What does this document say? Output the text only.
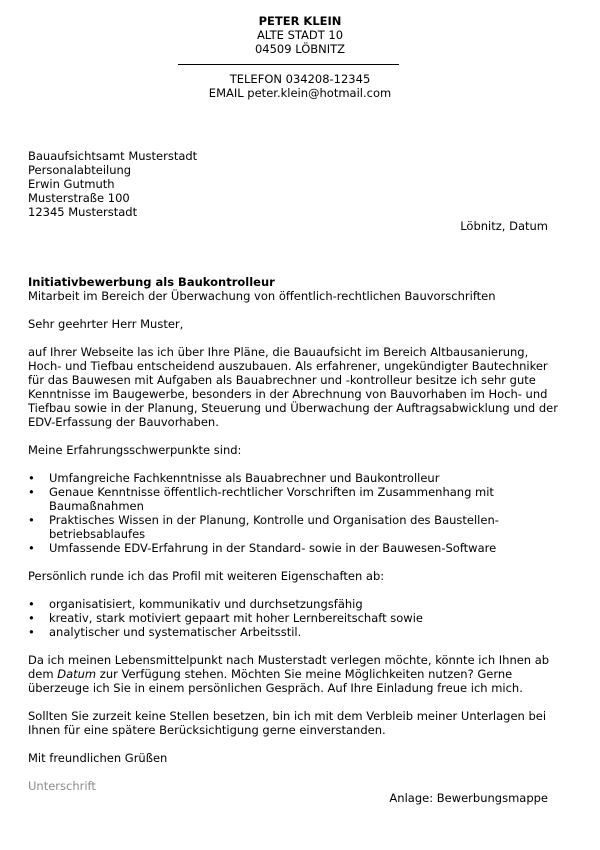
PETER KLEIN
ALTE STADT 10
04509 LÖBNITZ
TELEFON 034208-12345
EMAIL peter.klein@hotmail.com
Bauaufsichtsamt Musterstadt
Personalabteilung
Erwin Gutmuth
Musterstraße 100
12345 Musterstadt
Löbnitz, Datum

Initiativbewerbung als Baukontrolleur

Mitarbeit im Bereich der Überwachung von öffentlich-rechtlichen Bauvorschriften

Sehr geehrter Herr Muster,

auf Ihrer Webseite las ich über Ihre Pläne, die Bauaufsicht im Bereich Altbausanierung, Hoch- und Tiefbau entscheidend auszubauen. Als erfahrener, ungekündigter Bautechniker für das Bauwesen mit Aufgaben als Bauabrechner und -kontrolleur besitze ich sehr gute Kenntnisse im Baugewerbe, besonders in der Abrechnung von Bauvorhaben im Hoch- und Tiefbau sowie in der Planung, Steuerung und Überwachung der Auftragsabwicklung und der EDV-Erfassung der Bauvorhaben.

Meine Erfahrungsschwerpunkte sind:

• Umfangreiche Fachkenntnisse als Bauabrechner und Baukontrolleur
• Genaue Kenntnisse öffentlich-rechtlicher Vorschriften im Zusammenhang mit Baumaßnahmen
• Praktisches Wissen in der Planung, Kontrolle und Organisation des Baustellen-betriebsablaufes
• Umfassende EDV-Erfahrung in der Standard- sowie in der Bauwesen-Software

Persönlich runde ich das Profil mit weiteren Eigenschaften ab:

• organisatisiert, kommunikativ und durchsetzungsfähig
• kreativ, stark motiviert gepaart mit hoher Lernbereitschaft sowie
• analytischer und systematischer Arbeitsstil.

Da ich meinen Lebensmittelpunkt nach Musterstadt verlegen möchte, könnte ich Ihnen ab dem Datum zur Verfügung stehen. Möchten Sie meine Möglichkeiten nutzen? Gerne überzeuge ich Sie in einem persönlichen Gespräch. Auf Ihre Einladung freue ich mich.

Sollten Sie zurzeit keine Stellen besetzen, bin ich mit dem Verbleib meiner Unterlagen bei Ihnen für eine spätere Berücksichtigung gerne einverstanden.

Mit freundlichen Grüßen

Unterschrift

Anlage: Bewerbungsmappe
